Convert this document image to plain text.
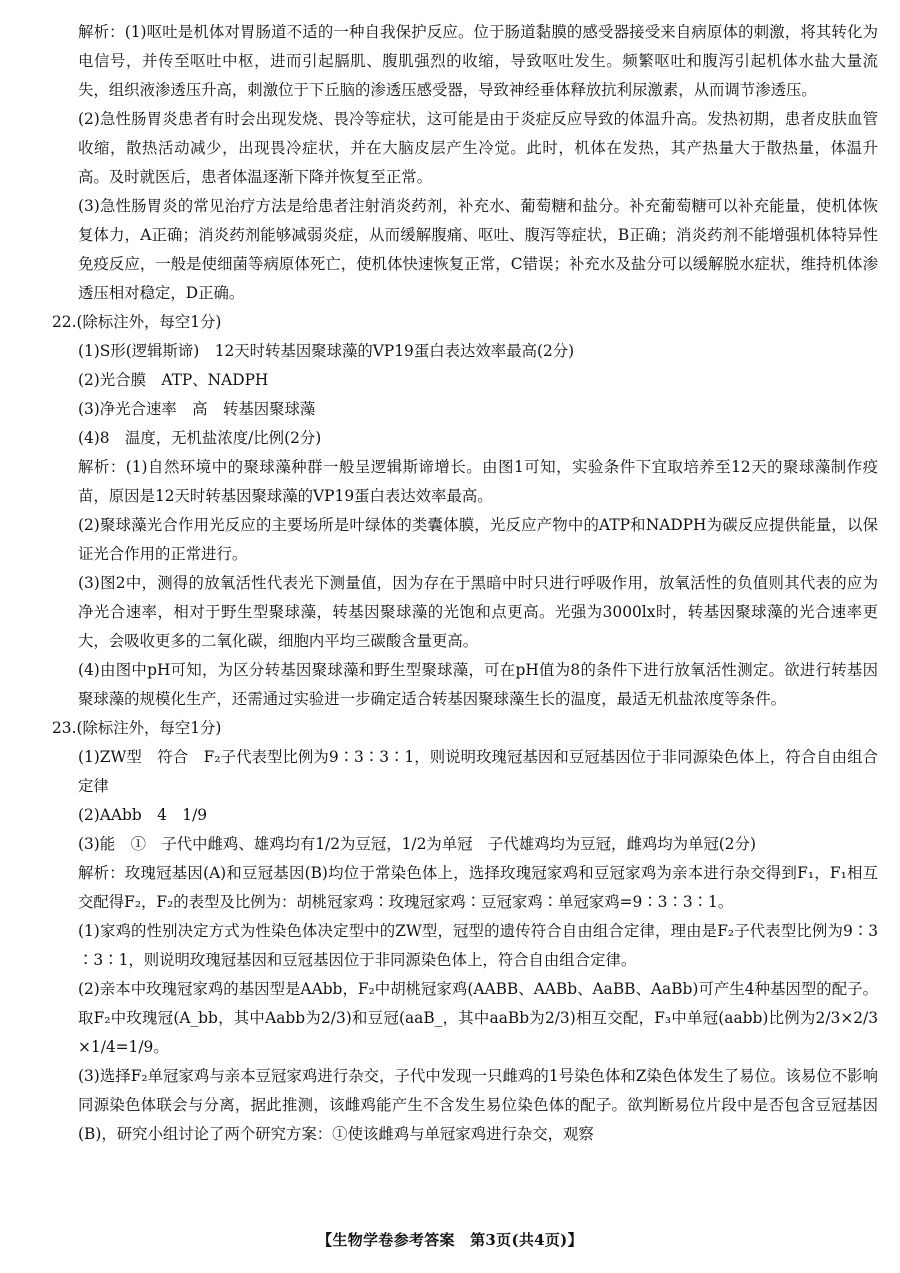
解析：(1)呕吐是机体对胃肠道不适的一种自我保护反应。位于肠道黏膜的感受器接受来自病原体的刺激，将其转化为电信号，并传至呕吐中枢，进而引起膈肌、腹肌强烈的收缩，导致呕吐发生。频繁呕吐和腹泻引起机体水盐大量流失，组织液渗透压升高，刺激位于下丘脑的渗透压感受器，导致神经垂体释放抗利尿激素，从而调节渗透压。

(2)急性肠胃炎患者有时会出现发烧、畏冷等症状，这可能是由于炎症反应导致的体温升高。发热初期，患者皮肤血管收缩，散热活动减少，出现畏冷症状，并在大脑皮层产生冷觉。此时，机体在发热，其产热量大于散热量，体温升高。及时就医后，患者体温逐渐下降并恢复至正常。

(3)急性肠胃炎的常见治疗方法是给患者注射消炎药剂，补充水、葡萄糖和盐分。补充葡萄糖可以补充能量，使机体恢复体力，A正确；消炎药剂能够减弱炎症，从而缓解腹痛、呕吐、腹泻等症状，B正确；消炎药剂不能增强机体特异性免疫反应，一般是使细菌等病原体死亡，使机体快速恢复正常，C错误；补充水及盐分可以缓解脱水症状，维持机体渗透压相对稳定，D正确。

22.(除标注外，每空1分)

(1)S形(逻辑斯谛)　12天时转基因聚球藻的VP19蛋白表达效率最高(2分)

(2)光合膜　ATP、NADPH

(3)净光合速率　高　转基因聚球藻

(4)8　温度，无机盐浓度/比例(2分)

解析：(1)自然环境中的聚球藻种群一般呈逻辑斯谛增长。由图1可知，实验条件下宜取培养至12天的聚球藻制作疫苗，原因是12天时转基因聚球藻的VP19蛋白表达效率最高。

(2)聚球藻光合作用光反应的主要场所是叶绿体的类囊体膜，光反应产物中的ATP和NADPH为碳反应提供能量，以保证光合作用的正常进行。

(3)图2中，测得的放氧活性代表光下测量值，因为存在于黑暗中时只进行呼吸作用，放氧活性的负值则其代表的应为净光合速率，相对于野生型聚球藻，转基因聚球藻的光饱和点更高。光强为3000lx时，转基因聚球藻的光合速率更大，会吸收更多的二氧化碳，细胞内平均三碳酸含量更高。

(4)由图中pH可知，为区分转基因聚球藻和野生型聚球藻，可在pH值为8的条件下进行放氧活性测定。欲进行转基因聚球藻的规模化生产，还需通过实验进一步确定适合转基因聚球藻生长的温度，最适无机盐浓度等条件。

23.(除标注外，每空1分)

(1)ZW型　符合　F₂子代表型比例为9∶3∶3∶1，则说明玫瑰冠基因和豆冠基因位于非同源染色体上，符合自由组合定律

(2)AAbb　4　1/9

(3)能　①　子代中雌鸡、雄鸡均有1/2为豆冠，1/2为单冠　子代雄鸡均为豆冠，雌鸡均为单冠(2分)

解析：玫瑰冠基因(A)和豆冠基因(B)均位于常染色体上，选择玫瑰冠家鸡和豆冠家鸡为亲本进行杂交得到F₁，F₁相互交配得F₂，F₂的表型及比例为：胡桃冠家鸡∶玫瑰冠家鸡∶豆冠家鸡∶单冠家鸡=9∶3∶3∶1。

(1)家鸡的性别决定方式为性染色体决定型中的ZW型，冠型的遗传符合自由组合定律，理由是F₂子代表型比例为9∶3∶3∶1，则说明玫瑰冠基因和豆冠基因位于非同源染色体上，符合自由组合定律。

(2)亲本中玫瑰冠家鸡的基因型是AAbb，F₂中胡桃冠家鸡(AABB、AABb、AaBB、AaBb)可产生4种基因型的配子。取F₂中玫瑰冠(A_bb，其中Aabb为2/3)和豆冠(aaB_，其中aaBb为2/3)相互交配，F₃中单冠(aabb)比例为2/3×2/3×1/4=1/9。

(3)选择F₂单冠家鸡与亲本豆冠家鸡进行杂交，子代中发现一只雌鸡的1号染色体和Z染色体发生了易位。该易位不影响同源染色体联会与分离，据此推测，该雌鸡能产生不含发生易位染色体的配子。欲判断易位片段中是否包含豆冠基因(B)，研究小组讨论了两个研究方案：①使该雌鸡与单冠家鸡进行杂交，观察

【生物学卷参考答案　第3页(共4页)】
